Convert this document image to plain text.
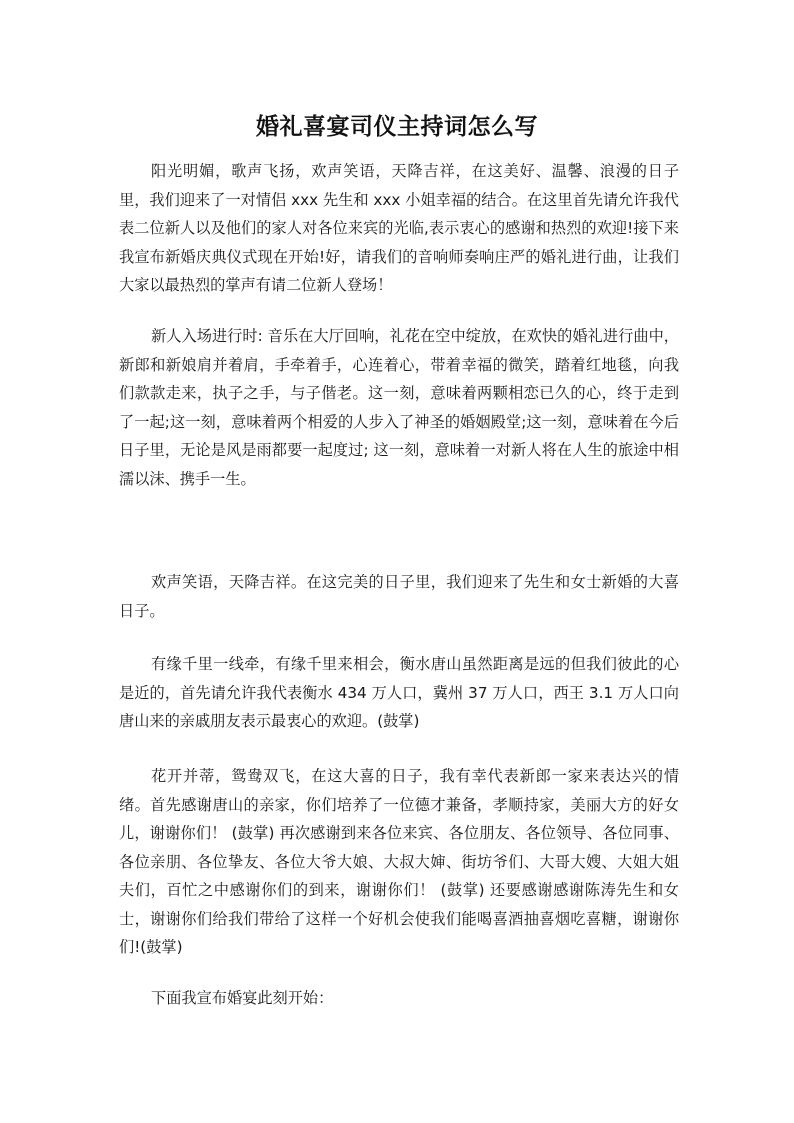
婚礼喜宴司仪主持词怎么写

阳光明媚，歌声飞扬，欢声笑语，天降吉祥，在这美好、温馨、浪漫的日子里，我们迎来了一对情侣 xxx 先生和 xxx 小姐幸福的结合。在这里首先请允许我代表二位新人以及他们的家人对各位来宾的光临,表示衷心的感谢和热烈的欢迎!接下来我宣布新婚庆典仪式现在开始!好，请我们的音响师奏响庄严的婚礼进行曲，让我们大家以最热烈的掌声有请二位新人登场！

新人入场进行时: 音乐在大厅回响，礼花在空中绽放，在欢快的婚礼进行曲中，新郎和新娘肩并着肩，手牵着手，心连着心，带着幸福的微笑，踏着红地毯，向我们款款走来，执子之手，与子偕老。这一刻，意味着两颗相恋已久的心，终于走到了一起;这一刻，意味着两个相爱的人步入了神圣的婚姻殿堂;这一刻，意味着在今后日子里，无论是风是雨都要一起度过; 这一刻，意味着一对新人将在人生的旅途中相濡以沫、携手一生。

欢声笑语，天降吉祥。在这完美的日子里，我们迎来了先生和女士新婚的大喜日子。

有缘千里一线牵，有缘千里来相会，衡水唐山虽然距离是远的但我们彼此的心是近的，首先请允许我代表衡水 434 万人口，冀州 37 万人口，西王 3.1 万人口向唐山来的亲戚朋友表示最衷心的欢迎。(鼓掌)

花开并蒂，鸳鸯双飞，在这大喜的日子，我有幸代表新郎一家来表达兴的情绪。首先感谢唐山的亲家，你们培养了一位德才兼备，孝顺持家，美丽大方的好女儿，谢谢你们！ (鼓掌) 再次感谢到来各位来宾、各位朋友、各位领导、各位同事、各位亲朋、各位挚友、各位大爷大娘、大叔大婶、街坊爷们、大哥大嫂、大姐大姐夫们，百忙之中感谢你们的到来，谢谢你们！ (鼓掌) 还要感谢感谢陈涛先生和女士，谢谢你们给我们带给了这样一个好机会使我们能喝喜酒抽喜烟吃喜糖，谢谢你们!(鼓掌)

下面我宣布婚宴此刻开始：
